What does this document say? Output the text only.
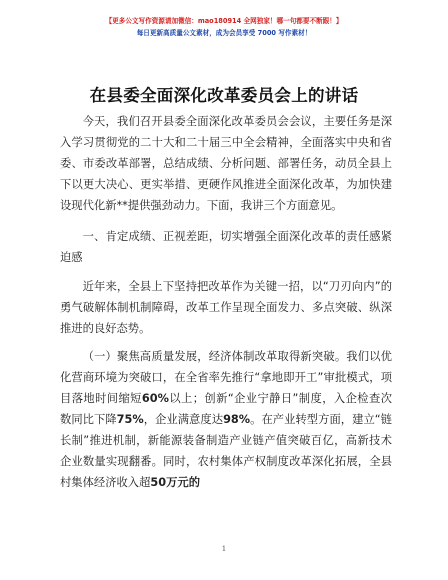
【更多公文写作资源请加微信：mao180914 全网独家！哪一句都要不断跟！】
每日更新高质量公文素材，成为会员享受 7000 写作素材！
在县委全面深化改革委员会上的讲话

今天，我们召开县委全面深化改革委员会会议，主要任务是深入学习贯彻党的二十大和二十届三中全会精神，全面落实中央和省委、市委改革部署，总结成绩、分析问题、部署任务，动员全县上下以更大决心、更实举措、更硬作风推进全面深化改革，为加快建设现代化新**提供强劲动力。下面，我讲三个方面意见。

一、肯定成绩、正视差距，切实增强全面深化改革的责任感紧迫感

近年来，全县上下坚持把改革作为关键一招，以“刀刃向内”的勇气破解体制机制障碍，改革工作呈现全面发力、多点突破、纵深推进的良好态势。

（一）聚焦高质量发展，经济体制改革取得新突破。我们以优化营商环境为突破口，在全省率先推行“拿地即开工”审批模式，项目落地时间缩短60%以上；创新“企业宁静日”制度，入企检查次数同比下降75%，企业满意度达98%。在产业转型方面，建立“链长制”推进机制，新能源装备制造产业链产值突破百亿，高新技术企业数量实现翻番。同时，农村集体产权制度改革深化拓展，全县村集体经济收入超50万元的

1
